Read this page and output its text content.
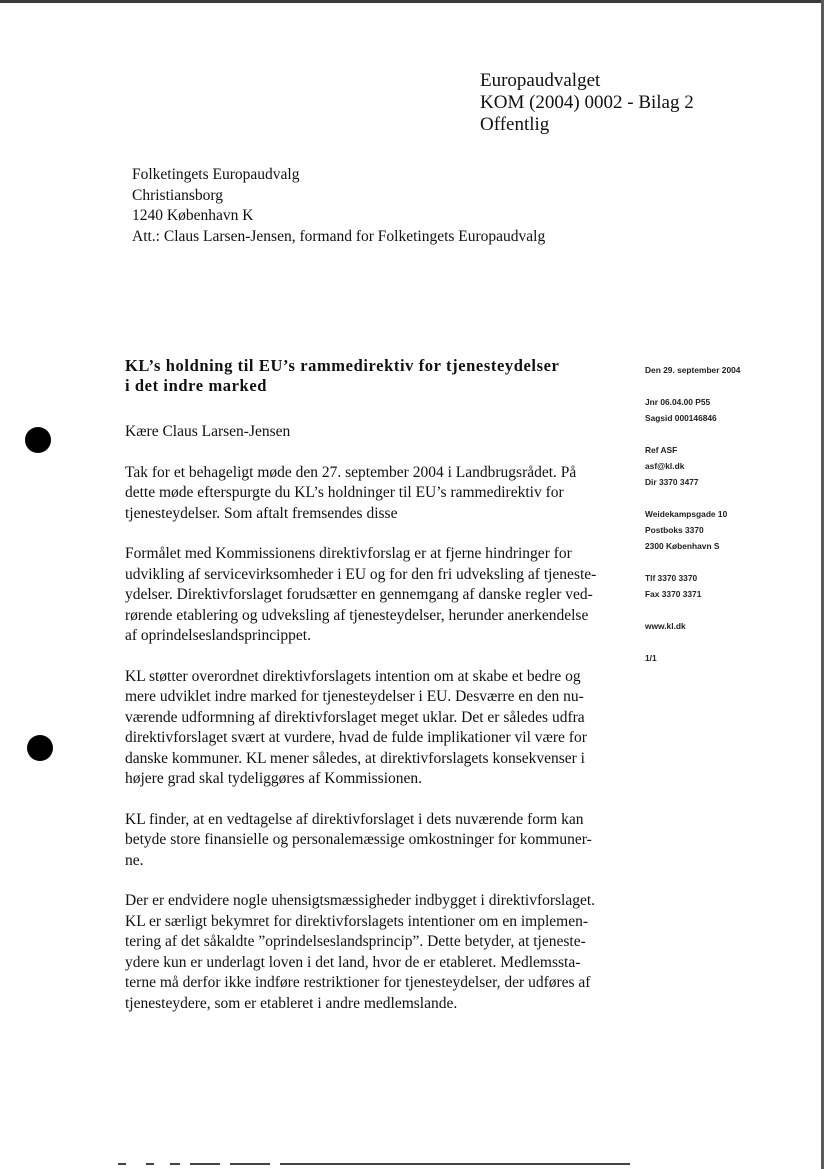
Europaudvalget
KOM (2004) 0002 - Bilag 2
Offentlig
Folketingets Europaudvalg
Christiansborg
1240 København K
Att.: Claus Larsen-Jensen, formand for Folketingets Europaudvalg
KL’s holdning til EU’s rammedirektiv for tjenesteydelser
i det indre marked

Kære Claus Larsen-Jensen

Tak for et behageligt møde den 27. september 2004 i Landbrugsrådet. På
dette møde efterspurgte du KL’s holdninger til EU’s rammedirektiv for
tjenesteydelser. Som aftalt fremsendes disse

Formålet med Kommissionens direktivforslag er at fjerne hindringer for
udvikling af servicevirksomheder i EU og for den fri udveksling af tjeneste-
ydelser. Direktivforslaget forudsætter en gennemgang af danske regler ved-
rørende etablering og udveksling af tjenesteydelser, herunder anerkendelse
af oprindelseslandsprincippet.

KL støtter overordnet direktivforslagets intention om at skabe et bedre og
mere udviklet indre marked for tjenesteydelser i EU. Desværre en den nu-
værende udformning af direktivforslaget meget uklar. Det er således udfra
direktivforslaget svært at vurdere, hvad de fulde implikationer vil være for
danske kommuner. KL mener således, at direktivforslagets konsekvenser i
højere grad skal tydeliggøres af Kommissionen.

KL finder, at en vedtagelse af direktivforslaget i dets nuværende form kan
betyde store finansielle og personalemæssige omkostninger for kommuner-
ne.

Der er endvidere nogle uhensigtsmæssigheder indbygget i direktivforslaget.
KL er særligt bekymret for direktivforslagets intentioner om en implemen-
tering af det såkaldte ”oprindelseslandsprincip”. Dette betyder, at tjeneste-
ydere kun er underlagt loven i det land, hvor de er etableret. Medlemssta-
terne må derfor ikke indføre restriktioner for tjenesteydelser, der udføres af
tjenesteydere, som er etableret i andre medlemslande.

Den 29. september 2004
Jnr 06.04.00 P55
Sagsid 000146846
Ref ASF
asf@kl.dk
Dir 3370 3477
Weidekampsgade 10
Postboks 3370
2300 København S
Tlf 3370 3370
Fax 3370 3371
www.kl.dk
1/1
